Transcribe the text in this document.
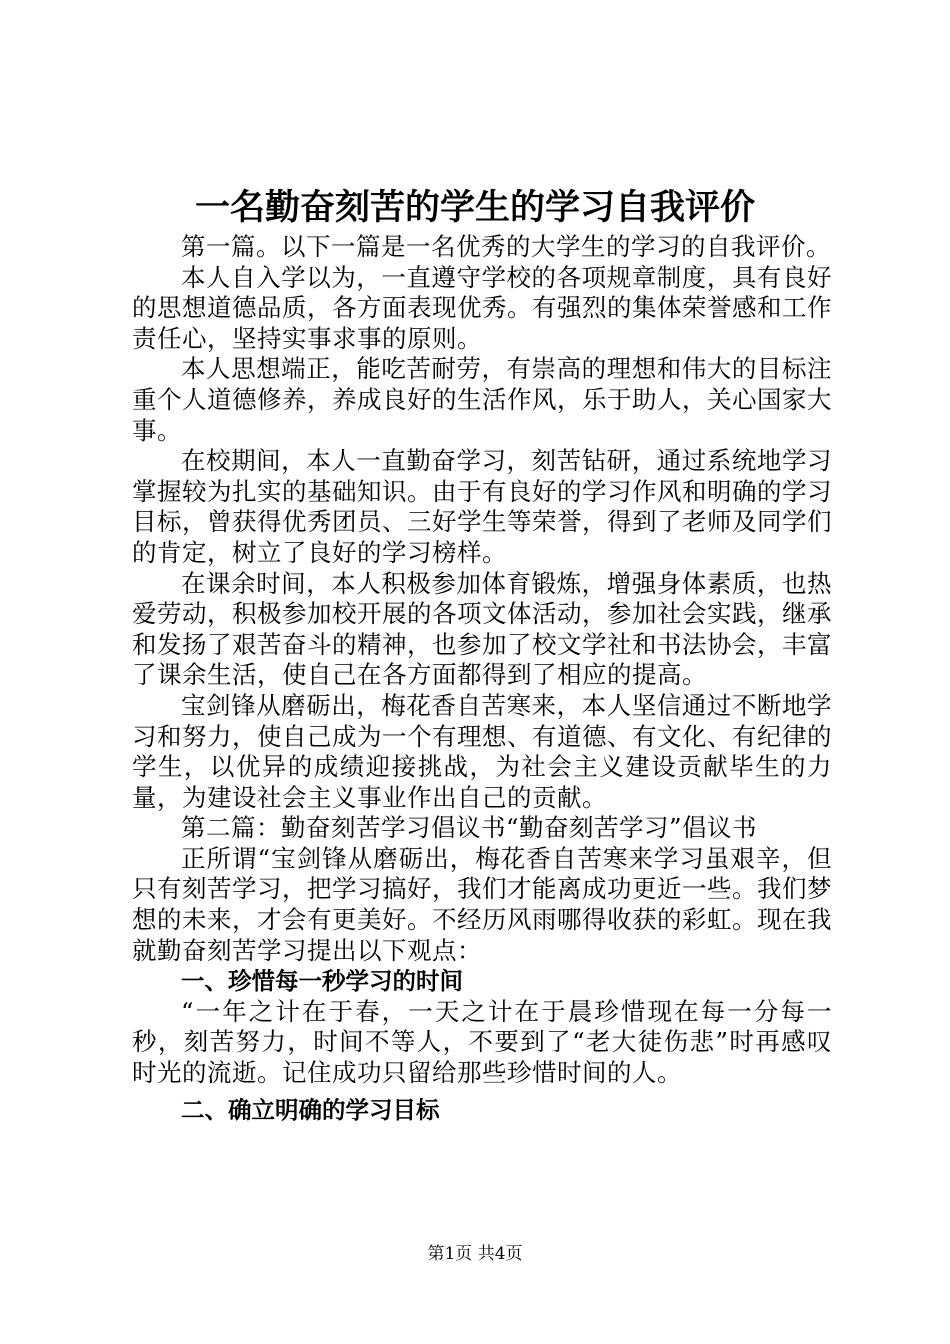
一名勤奋刻苦的学生的学习自我评价

第一篇。以下一篇是一名优秀的大学生的学习的自我评价。

本人自入学以为，一直遵守学校的各项规章制度，具有良好的思想道德品质，各方面表现优秀。有强烈的集体荣誉感和工作责任心，坚持实事求事的原则。

本人思想端正，能吃苦耐劳，有崇高的理想和伟大的目标注重个人道德修养，养成良好的生活作风，乐于助人，关心国家大事。

在校期间，本人一直勤奋学习，刻苦钻研，通过系统地学习掌握较为扎实的基础知识。由于有良好的学习作风和明确的学习目标，曾获得优秀团员、三好学生等荣誉，得到了老师及同学们的肯定，树立了良好的学习榜样。

在课余时间，本人积极参加体育锻炼，增强身体素质，也热爱劳动，积极参加校开展的各项文体活动，参加社会实践，继承和发扬了艰苦奋斗的精神，也参加了校文学社和书法协会，丰富了课余生活，使自己在各方面都得到了相应的提高。

宝剑锋从磨砺出，梅花香自苦寒来，本人坚信通过不断地学习和努力，使自己成为一个有理想、有道德、有文化、有纪律的学生，以优异的成绩迎接挑战，为社会主义建设贡献毕生的力量，为建设社会主义事业作出自己的贡献。

第二篇：勤奋刻苦学习倡议书“勤奋刻苦学习”倡议书

正所谓“宝剑锋从磨砺出，梅花香自苦寒来学习虽艰辛，但只有刻苦学习，把学习搞好，我们才能离成功更近一些。我们梦想的未来，才会有更美好。不经历风雨哪得收获的彩虹。现在我就勤奋刻苦学习提出以下观点：

一、珍惜每一秒学习的时间

“一年之计在于春，一天之计在于晨珍惜现在每一分每一秒，刻苦努力，时间不等人，不要到了“老大徒伤悲”时再感叹时光的流逝。记住成功只留给那些珍惜时间的人。

二、确立明确的学习目标

第1页 共4页
